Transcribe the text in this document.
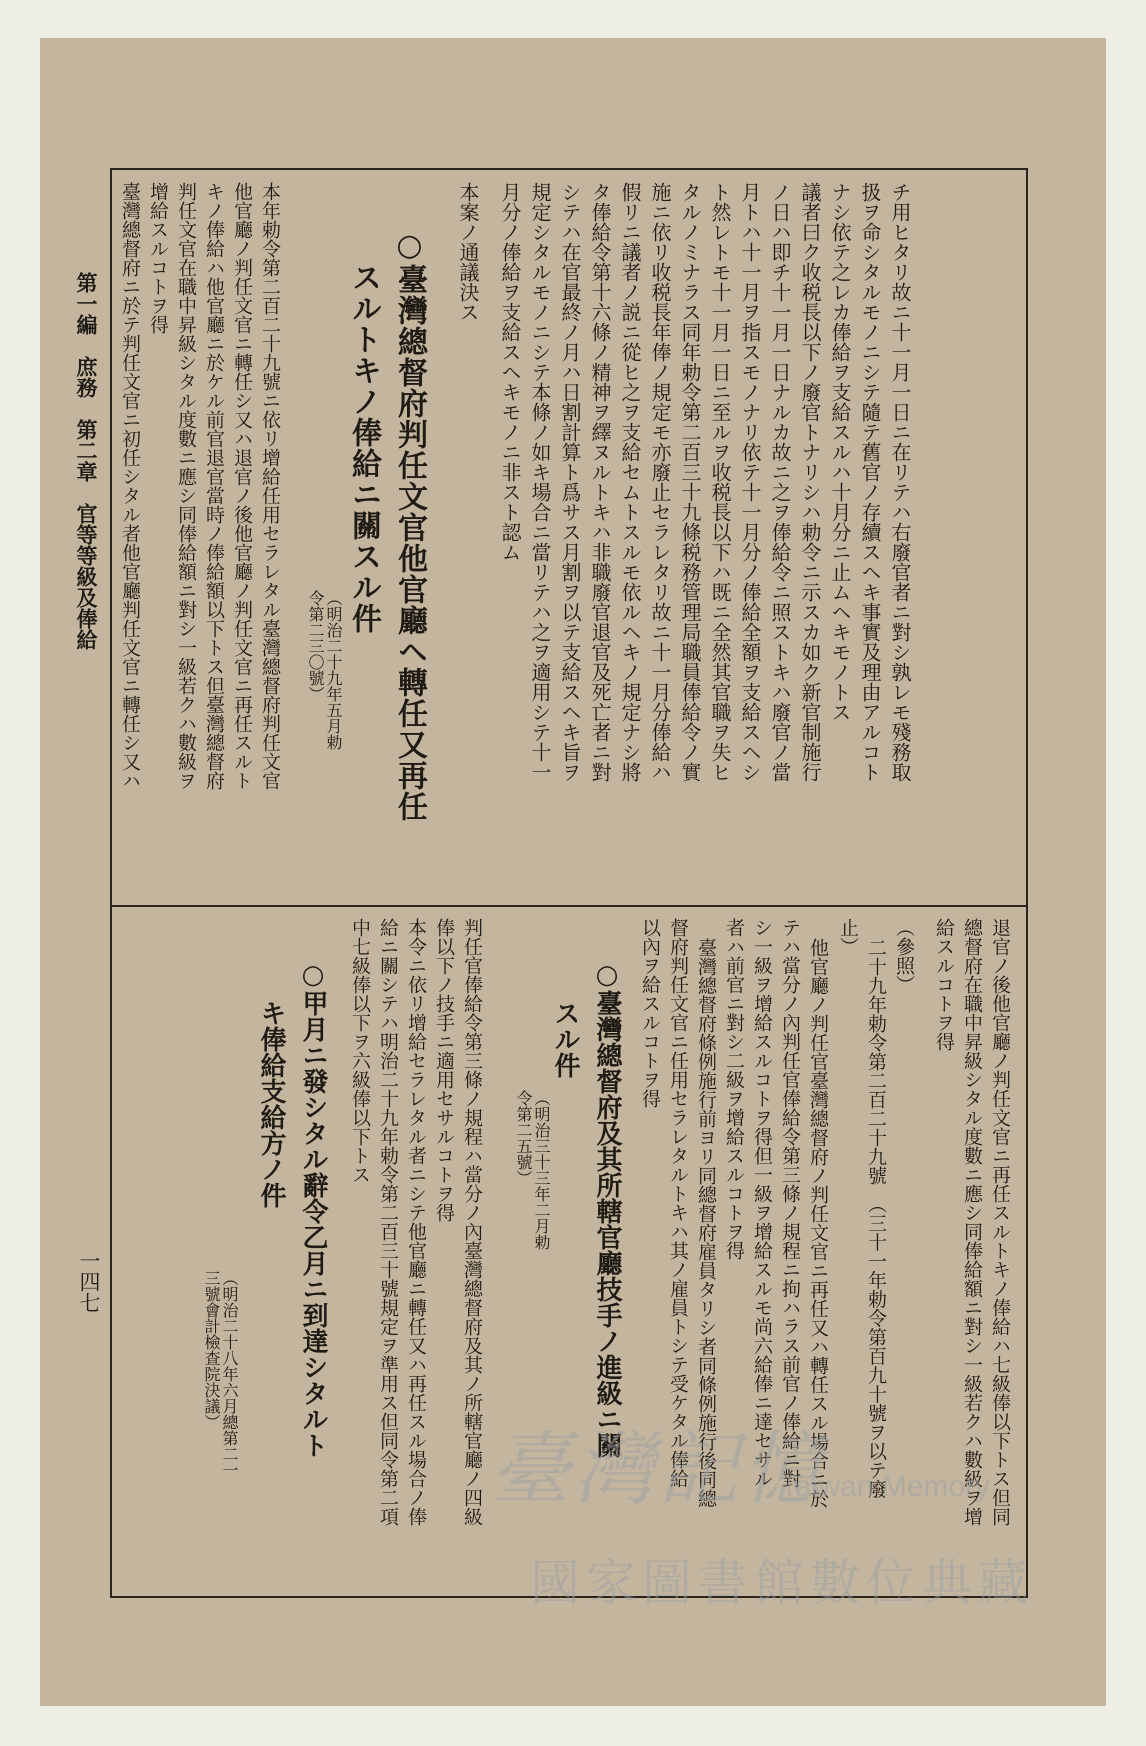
チ用ヒタリ故ニ十一月一日ニ在リテハ右廢官者ニ對シ孰レモ殘務取
扱ヲ命シタルモノニシテ隨テ舊官ノ存續スヘキ事實及理由アルコト
ナシ依テ之レカ俸給ヲ支給スルハ十月分ニ止ムヘキモノトス
議者曰ク收税長以下ノ廢官トナリシハ勅令ニ示スカ如ク新官制施行
ノ日ハ即チ十一月一日ナルカ故ニ之ヲ俸給令ニ照ストキハ廢官ノ當
月トハ十一月ヲ指スモノナリ依テ十一月分ノ俸給全額ヲ支給スヘシ
ト然レトモ十一月一日ニ至ルヲ收税長以下ハ既ニ全然其官職ヲ失ヒ
タルノミナラス同年勅令第二百三十九條税務管理局職員俸給令ノ實
施ニ依リ收税長年俸ノ規定モ亦廢止セラレタリ故ニ十一月分俸給ハ
假リニ議者ノ説ニ從ヒ之ヲ支給セムトスルモ依ルヘキノ規定ナシ將
タ俸給令第十六條ノ精神ヲ繹ヌルトキハ非職廢官退官及死亡者ニ對
シテハ在官最終ノ月ハ日割計算ト爲サス月割ヲ以テ支給スヘキ旨ヲ
規定シタルモノニシテ本條ノ如キ場合ニ當リテハ之ヲ適用シテ十一
月分ノ俸給ヲ支給スヘキモノニ非スト認ム
本案ノ通議決ス
○臺灣總督府判任文官他官廳ヘ轉任又再任
スルトキノ俸給ニ關スル件
（明治二十九年五月勅令第二三〇號）
本年勅令第二百二十九號ニ依リ增給任用セラレタル臺灣總督府判任文官
他官廳ノ判任文官ニ轉任シ又ハ退官ノ後他官廳ノ判任文官ニ再任スルト
キノ俸給ハ他官廳ニ於ケル前官退官當時ノ俸給額以下トス但臺灣總督府
判任文官在職中昇級シタル度數ニ應シ同俸給額ニ對シ一級若クハ數級ヲ
增給スルコトヲ得
臺灣總督府ニ於テ判任文官ニ初任シタル者他官廳判任文官ニ轉任シ又ハ
退官ノ後他官廳ノ判任文官ニ再任スルトキノ俸給ハ七級俸以下トス但同
總督府在職中昇級シタル度數ニ應シ同俸給額ニ對シ一級若クハ數級ヲ增
給スルコトヲ得
（參照）
二十九年勅令第二百二十九號　（三十一年勅令第百九十號ヲ以テ廢
止）
他官廳ノ判任官臺灣總督府ノ判任文官ニ再任又ハ轉任スル場合ニ於
テハ當分ノ內判任官俸給令第三條ノ規程ニ拘ハラス前官ノ俸給ニ對
シ一級ヲ增給スルコトヲ得但一級ヲ增給スルモ尚六給俸ニ達セサル
者ハ前官ニ對シ二級ヲ增給スルコトヲ得
臺灣總督府條例施行前ヨリ同總督府雇員タリシ者同條例施行後同總
督府判任文官ニ任用セラレタルトキハ其ノ雇員トシテ受ケタル俸給
以內ヲ給スルコトヲ得
○臺灣總督府及其所轄官廳技手ノ進級ニ關
スル件
（明治三十三年二月勅令第二五號）
判任官俸給令第三條ノ規程ハ當分ノ內臺灣總督府及其ノ所轄官廳ノ四級
俸以下ノ技手ニ適用セサルコトヲ得
本令ニ依リ增給セラレタル者ニシテ他官廳ニ轉任又ハ再任スル場合ノ俸
給ニ關シテハ明治二十九年勅令第二百三十號規定ヲ準用ス但同令第二項
中七級俸以下ヲ六級俸以下トス
○甲月ニ發シタル辭令乙月ニ到達シタルト
キ俸給支給方ノ件
（明治二十八年六月總第二一三號會計檢查院決議）
第一編　庶務　第二章　官等等級及俸給
一四七
臺灣記憶
Taiwan Memory
國家圖書館數位典藏
